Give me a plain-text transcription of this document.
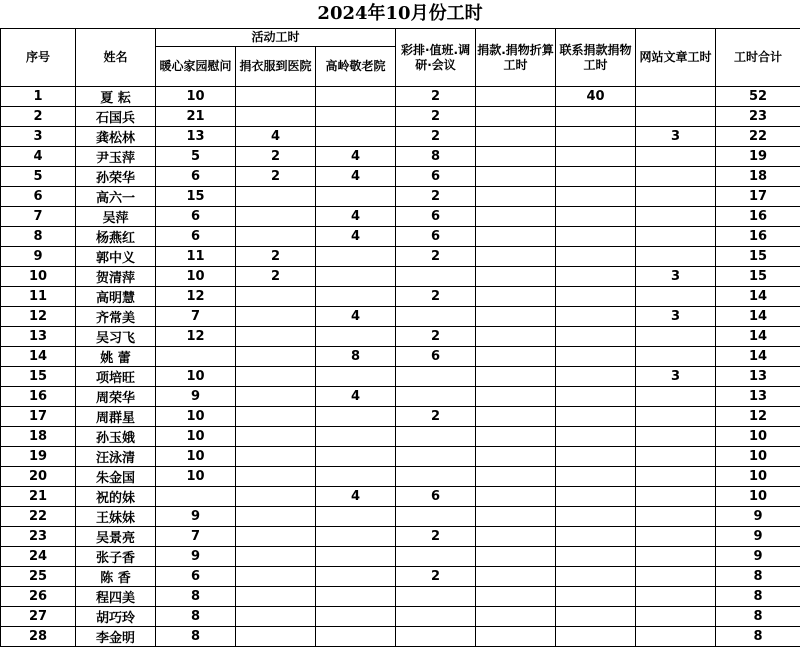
2024年10月份工时
序号	姓名	活动工时			彩排·值班.调研·会议	捐款.捐物折算工时	联系捐款捐物工时	网站文章工时	工时合计
		暖心家园慰问	捐衣服到医院	高岭敬老院					
1	夏 耘	10			2		40		52
2	石国兵	21			2				23
3	龚松林	13	4		2			3	22
4	尹玉萍	5	2	4	8				19
5	孙荣华	6	2	4	6				18
6	高六一	15			2				17
7	吴萍	6		4	6				16
8	杨燕红	6		4	6				16
9	郭中义	11	2		2				15
10	贺清萍	10	2					3	15
11	高明慧	12			2				14
12	齐常美	7		4				3	14
13	吴习飞	12			2				14
14	姚 蕾			8	6				14
15	项培旺	10						3	13
16	周荣华	9		4					13
17	周群星	10			2				12
18	孙玉娥	10							10
19	汪泳清	10							10
20	朱金国	10							10
21	祝的妹			4	6				10
22	王妹妹	9							9
23	吴景亮	7			2				9
24	张子香	9							9
25	陈 香	6			2				8
26	程四美	8							8
27	胡巧玲	8							8
28	李金明	8							8
